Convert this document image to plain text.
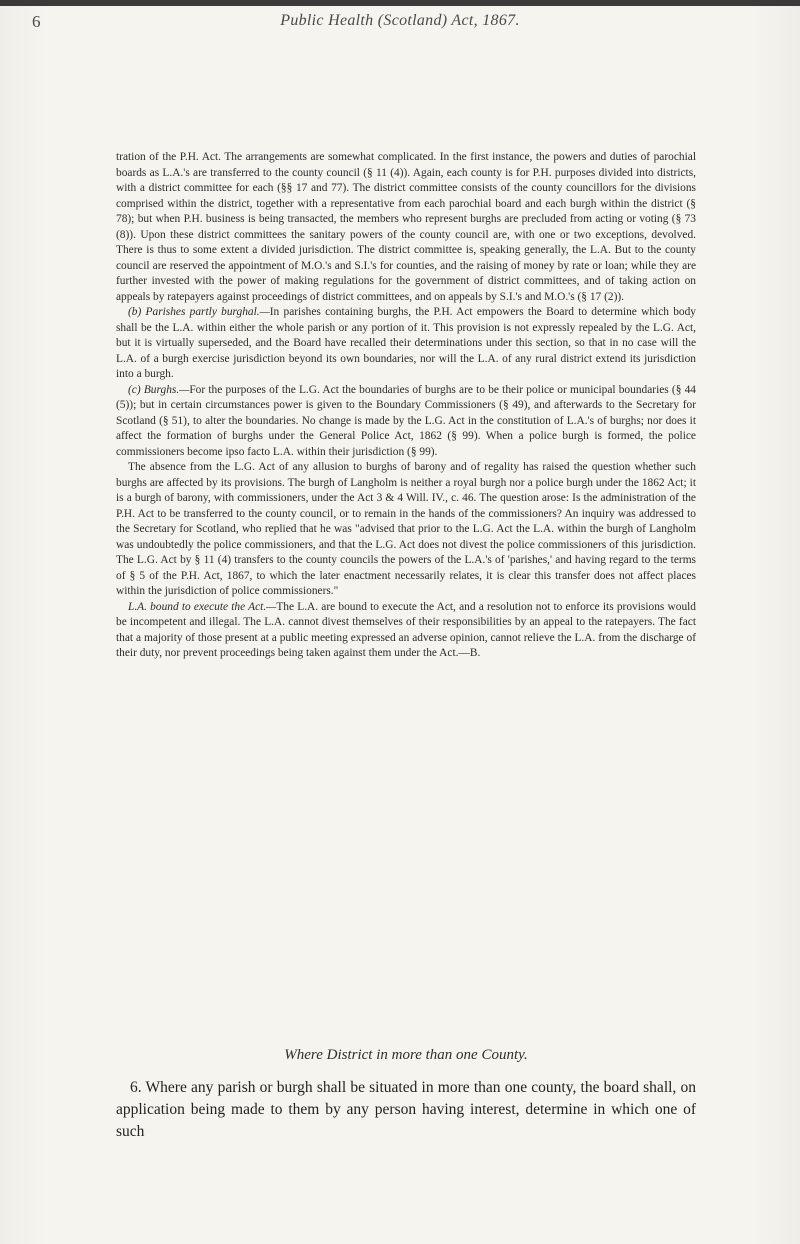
6	Public Health (Scotland) Act, 1867.

tration of the P.H. Act. The arrangements are somewhat complicated. In the first instance, the powers and duties of parochial boards as L.A.'s are transferred to the county council (§ 11 (4)). Again, each county is for P.H. purposes divided into districts, with a district committee for each (§§ 17 and 77). The district committee consists of the county councillors for the divisions comprised within the district, together with a representative from each parochial board and each burgh within the district (§ 78); but when P.H. business is being transacted, the members who represent burghs are precluded from acting or voting (§ 73 (8)). Upon these district committees the sanitary powers of the county council are, with one or two exceptions, devolved. There is thus to some extent a divided jurisdiction. The district committee is, speaking generally, the L.A. But to the county council are reserved the appointment of M.O.'s and S.I.'s for counties, and the raising of money by rate or loan; while they are further invested with the power of making regulations for the government of district committees, and of taking action on appeals by ratepayers against proceedings of district committees, and on appeals by S.I.'s and M.O.'s (§ 17 (2)).

(b) Parishes partly burghal.—In parishes containing burghs, the P.H. Act empowers the Board to determine which body shall be the L.A. within either the whole parish or any portion of it. This provision is not expressly repealed by the L.G. Act, but it is virtually superseded, and the Board have recalled their determinations under this section, so that in no case will the L.A. of a burgh exercise jurisdiction beyond its own boundaries, nor will the L.A. of any rural district extend its jurisdiction into a burgh.

(c) Burghs.—For the purposes of the L.G. Act the boundaries of burghs are to be their police or municipal boundaries (§ 44 (5)); but in certain circumstances power is given to the Boundary Commissioners (§ 49), and afterwards to the Secretary for Scotland (§ 51), to alter the boundaries. No change is made by the L.G. Act in the constitution of L.A.'s of burghs; nor does it affect the formation of burghs under the General Police Act, 1862 (§ 99). When a police burgh is formed, the police commissioners become ipso facto L.A. within their jurisdiction (§ 99).

The absence from the L.G. Act of any allusion to burghs of barony and of regality has raised the question whether such burghs are affected by its provisions. The burgh of Langholm is neither a royal burgh nor a police burgh under the 1862 Act; it is a burgh of barony, with commissioners, under the Act 3 & 4 Will. IV., c. 46. The question arose: Is the administration of the P.H. Act to be transferred to the county council, or to remain in the hands of the commissioners? An inquiry was addressed to the Secretary for Scotland, who replied that he was "advised that prior to the L.G. Act the L.A. within the burgh of Langholm was undoubtedly the police commissioners, and that the L.G. Act does not divest the police commissioners of this jurisdiction. The L.G. Act by § 11 (4) transfers to the county councils the powers of the L.A.'s of 'parishes,' and having regard to the terms of § 5 of the P.H. Act, 1867, to which the later enactment necessarily relates, it is clear this transfer does not affect places within the jurisdiction of police commissioners."

L.A. bound to execute the Act.—The L.A. are bound to execute the Act, and a resolution not to enforce its provisions would be incompetent and illegal. The L.A. cannot divest themselves of their responsibilities by an appeal to the ratepayers. The fact that a majority of those present at a public meeting expressed an adverse opinion, cannot relieve the L.A. from the discharge of their duty, nor prevent proceedings being taken against them under the Act.—B.

Where District in more than one County.

6. Where any parish or burgh shall be situated in more than one county, the board shall, on application being made to them by any person having interest, determine in which one of such
